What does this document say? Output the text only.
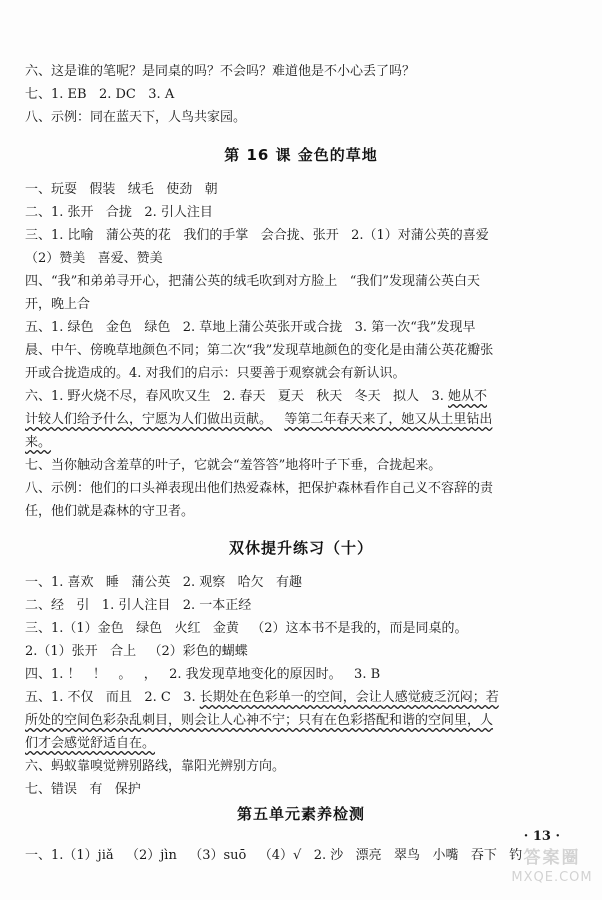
六、这是谁的笔呢？是同桌的吗？不会吗？难道他是不小心丢了吗？
七、1. EB   2. DC   3. A
八、示例：同在蓝天下，人鸟共家园。
第 16 课 金色的草地
一、玩耍   假装   绒毛   使劲   朝
二、1. 张开   合拢   2. 引人注目
三、1. 比喻   蒲公英的花   我们的手掌   会合拢、张开   2.（1）对蒲公英的喜爱
（2）赞美   喜爱、赞美
四、“我”和弟弟寻开心，把蒲公英的绒毛吹到对方脸上   “我们”发现蒲公英白天
开，晚上合
五、1. 绿色   金色   绿色   2. 草地上蒲公英张开或合拢   3. 第一次“我”发现早
晨、中午、傍晚草地颜色不同；第二次“我”发现草地颜色的变化是由蒲公英花瓣张
开或合拢造成的。4. 对我们的启示：只要善于观察就会有新认识。
六、1. 野火烧不尽，春风吹又生   2. 春天   夏天   秋天   冬天   拟人   3. 她从不
计较人们给予什么，宁愿为人们做出贡献。 等第二年春天来了，她又从土里钻出
来。
七、当你触动含羞草的叶子，它就会“羞答答”地将叶子下垂，合拢起来。
八、示例：他们的口头禅表现出他们热爱森林，把保护森林看作自己义不容辞的责
任，他们就是森林的守卫者。
双休提升练习（十）
一、1. 喜欢   睡   蒲公英   2. 观察   哈欠   有趣
二、经   引   1. 引人注目   2. 一本正经
三、1.（1）金色   绿色   火红   金黄   （2）这本书不是我的，而是同桌的。
2.（1）张开   合上   （2）彩色的蝴蝶
四、1. ！   ！   。   ，   2. 我发现草地变化的原因时。   3. B
五、1. 不仅   而且   2. C   3. 长期处在色彩单一的空间，会让人感觉疲乏沉闷；若
所处的空间色彩杂乱刺目，则会让人心神不宁；只有在色彩搭配和谐的空间里，人
们才会感觉舒适自在。
六、蚂蚁靠嗅觉辨别路线，靠阳光辨别方向。
七、错误   有   保护
第五单元素养检测
一、1.（1）jiǎ   （2）jìn   （3）suō   （4）√   2. 沙   漂亮   翠鸟   小嘴   吞下   钓
· 13 ·
答案圈
MXQE.COM
